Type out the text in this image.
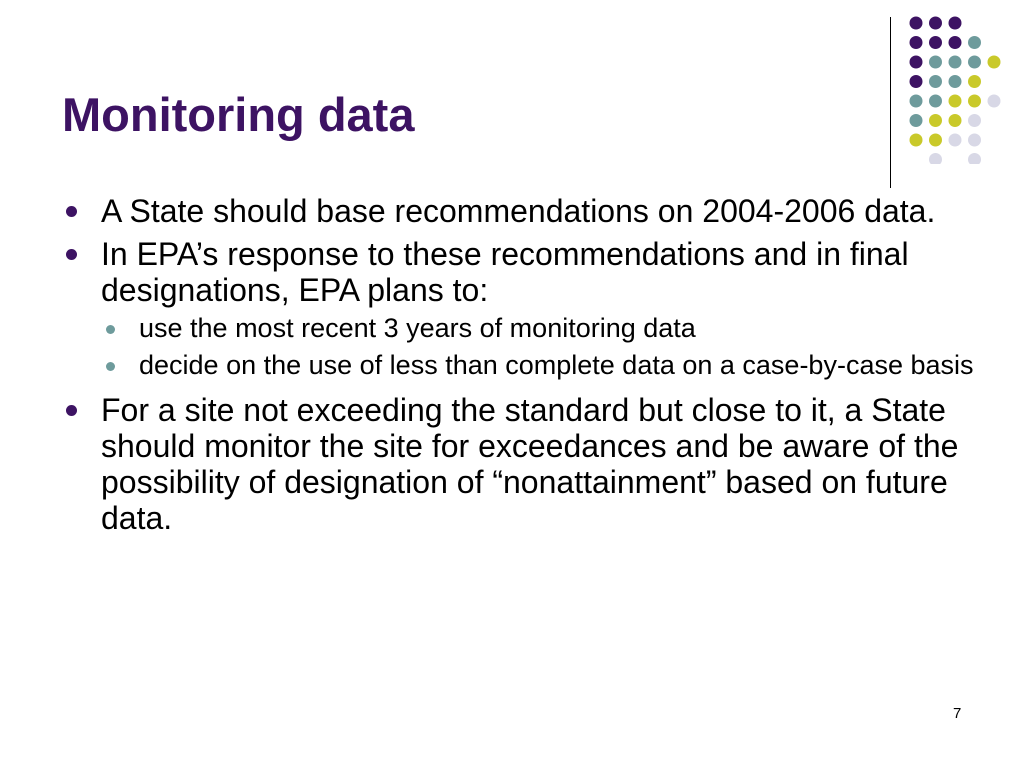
Monitoring data
A State should base recommendations on 2004-2006 data.
In EPA’s response to these recommendations and in final designations, EPA plans to:
use the most recent 3 years of monitoring data
decide on the use of less than complete data on a case-by-case basis
For a site not exceeding the standard but close to it, a State should monitor the site for exceedances and be aware of the possibility of designation of “nonattainment” based on future data.
7
